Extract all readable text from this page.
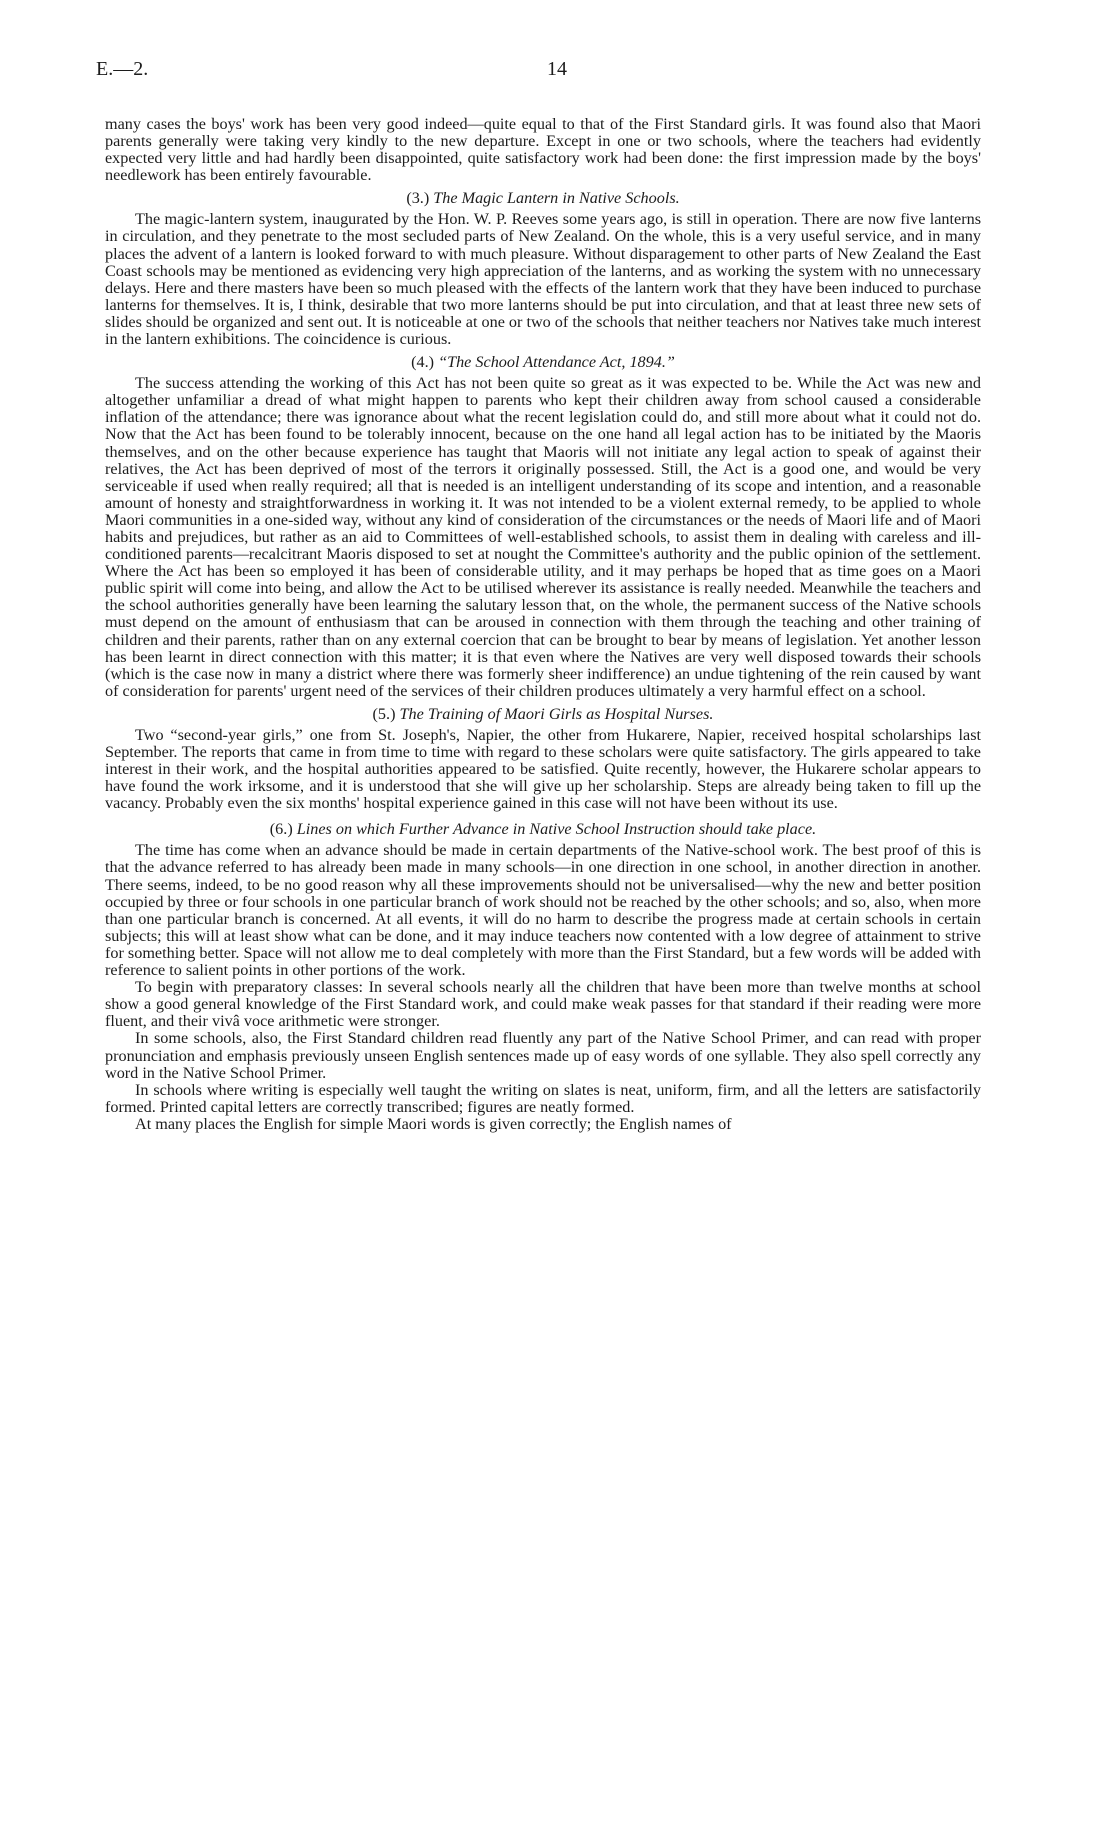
E.—2.	14

many cases the boys' work has been very good indeed—quite equal to that of the First Standard girls. It was found also that Maori parents generally were taking very kindly to the new departure. Except in one or two schools, where the teachers had evidently expected very little and had hardly been disappointed, quite satisfactory work had been done: the first impression made by the boys' needlework has been entirely favourable.

(3.) The Magic Lantern in Native Schools.

The magic-lantern system, inaugurated by the Hon. W. P. Reeves some years ago, is still in operation. There are now five lanterns in circulation, and they penetrate to the most secluded parts of New Zealand. On the whole, this is a very useful service, and in many places the advent of a lantern is looked forward to with much pleasure. Without disparagement to other parts of New Zealand the East Coast schools may be mentioned as evidencing very high appreciation of the lanterns, and as working the system with no unnecessary delays. Here and there masters have been so much pleased with the effects of the lantern work that they have been induced to purchase lanterns for themselves. It is, I think, desirable that two more lanterns should be put into circulation, and that at least three new sets of slides should be organized and sent out. It is noticeable at one or two of the schools that neither teachers nor Natives take much interest in the lantern exhibitions. The coincidence is curious.

(4.) “The School Attendance Act, 1894.”

The success attending the working of this Act has not been quite so great as it was expected to be. While the Act was new and altogether unfamiliar a dread of what might happen to parents who kept their children away from school caused a considerable inflation of the attendance; there was ignorance about what the recent legislation could do, and still more about what it could not do. Now that the Act has been found to be tolerably innocent, because on the one hand all legal action has to be initiated by the Maoris themselves, and on the other because experience has taught that Maoris will not initiate any legal action to speak of against their relatives, the Act has been deprived of most of the terrors it originally possessed. Still, the Act is a good one, and would be very serviceable if used when really required; all that is needed is an intelligent understanding of its scope and intention, and a reasonable amount of honesty and straightforwardness in working it. It was not intended to be a violent external remedy, to be applied to whole Maori communities in a one-sided way, without any kind of consideration of the circumstances or the needs of Maori life and of Maori habits and prejudices, but rather as an aid to Committees of well-established schools, to assist them in dealing with careless and ill-conditioned parents—recalcitrant Maoris disposed to set at nought the Committee's authority and the public opinion of the settlement. Where the Act has been so employed it has been of considerable utility, and it may perhaps be hoped that as time goes on a Maori public spirit will come into being, and allow the Act to be utilised wherever its assistance is really needed. Meanwhile the teachers and the school authorities generally have been learning the salutary lesson that, on the whole, the permanent success of the Native schools must depend on the amount of enthusiasm that can be aroused in connection with them through the teaching and other training of children and their parents, rather than on any external coercion that can be brought to bear by means of legislation. Yet another lesson has been learnt in direct connection with this matter; it is that even where the Natives are very well disposed towards their schools (which is the case now in many a district where there was formerly sheer indifference) an undue tightening of the rein caused by want of consideration for parents' urgent need of the services of their children produces ultimately a very harmful effect on a school.

(5.) The Training of Maori Girls as Hospital Nurses.

Two “second-year girls,” one from St. Joseph's, Napier, the other from Hukarere, Napier, received hospital scholarships last September. The reports that came in from time to time with regard to these scholars were quite satisfactory. The girls appeared to take interest in their work, and the hospital authorities appeared to be satisfied. Quite recently, however, the Hukarere scholar appears to have found the work irksome, and it is understood that she will give up her scholarship. Steps are already being taken to fill up the vacancy. Probably even the six months' hospital experience gained in this case will not have been without its use.

(6.) Lines on which Further Advance in Native School Instruction should take place.

The time has come when an advance should be made in certain departments of the Native-school work. The best proof of this is that the advance referred to has already been made in many schools—in one direction in one school, in another direction in another. There seems, indeed, to be no good reason why all these improvements should not be universalised—why the new and better position occupied by three or four schools in one particular branch of work should not be reached by the other schools; and so, also, when more than one particular branch is concerned. At all events, it will do no harm to describe the progress made at certain schools in certain subjects; this will at least show what can be done, and it may induce teachers now contented with a low degree of attainment to strive for something better. Space will not allow me to deal completely with more than the First Standard, but a few words will be added with reference to salient points in other portions of the work.

To begin with preparatory classes: In several schools nearly all the children that have been more than twelve months at school show a good general knowledge of the First Standard work, and could make weak passes for that standard if their reading were more fluent, and their vivâ voce arithmetic were stronger.

In some schools, also, the First Standard children read fluently any part of the Native School Primer, and can read with proper pronunciation and emphasis previously unseen English sentences made up of easy words of one syllable. They also spell correctly any word in the Native School Primer.

In schools where writing is especially well taught the writing on slates is neat, uniform, firm, and all the letters are satisfactorily formed. Printed capital letters are correctly transcribed; figures are neatly formed.

At many places the English for simple Maori words is given correctly; the English names of
